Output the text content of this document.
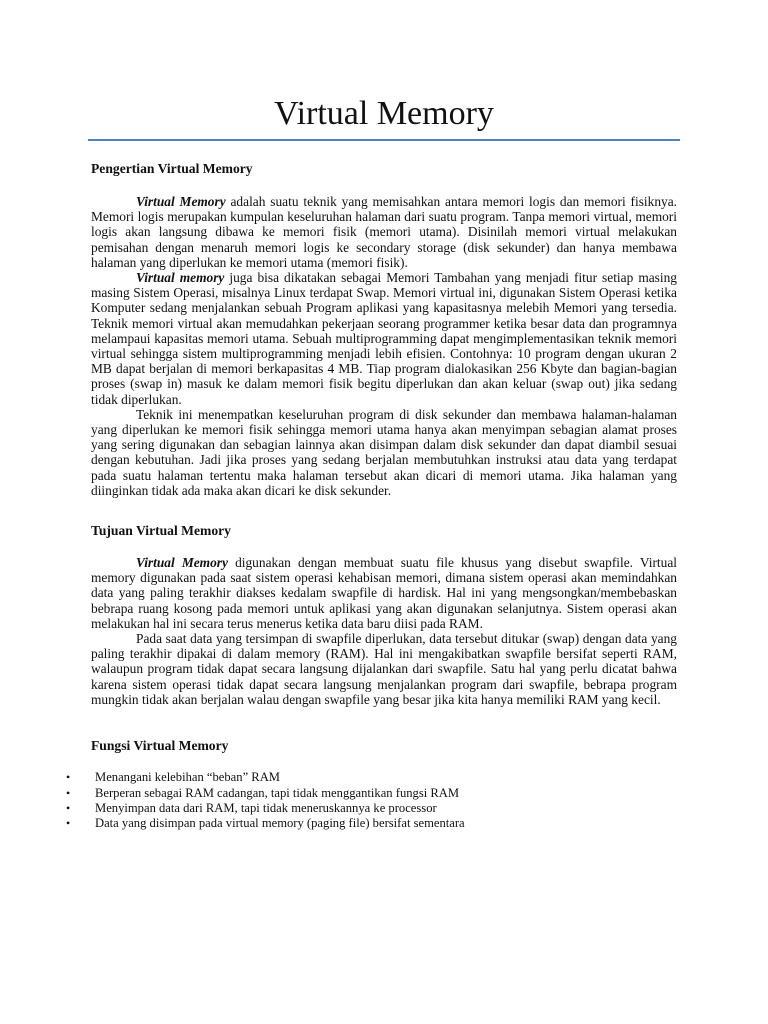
Virtual Memory
Pengertian Virtual Memory

Virtual Memory adalah suatu teknik yang memisahkan antara memori logis dan memori fisiknya. Memori logis merupakan kumpulan keseluruhan halaman dari suatu program. Tanpa memori virtual, memori logis akan langsung dibawa ke memori fisik (memori utama). Disinilah memori virtual melakukan pemisahan dengan menaruh memori logis ke secondary storage (disk sekunder) dan hanya membawa halaman yang diperlukan ke memori utama (memori fisik).

Virtual memory juga bisa dikatakan sebagai Memori Tambahan yang menjadi fitur setiap masing masing Sistem Operasi, misalnya Linux terdapat Swap. Memori virtual ini, digunakan Sistem Operasi ketika Komputer sedang menjalankan sebuah Program aplikasi yang kapasitasnya melebih Memori yang tersedia. Teknik memori virtual akan memudahkan pekerjaan seorang programmer ketika besar data dan programnya melampaui kapasitas memori utama. Sebuah multiprogramming dapat mengimplementasikan teknik memori virtual sehingga sistem multiprogramming menjadi lebih efisien. Contohnya: 10 program dengan ukuran 2 MB dapat berjalan di memori berkapasitas 4 MB. Tiap program dialokasikan 256 Kbyte dan bagian-bagian proses (swap in) masuk ke dalam memori fisik begitu diperlukan dan akan keluar (swap out) jika sedang tidak diperlukan.

Teknik ini menempatkan keseluruhan program di disk sekunder dan membawa halaman-halaman yang diperlukan ke memori fisik sehingga memori utama hanya akan menyimpan sebagian alamat proses yang sering digunakan dan sebagian lainnya akan disimpan dalam disk sekunder dan dapat diambil sesuai dengan kebutuhan. Jadi jika proses yang sedang berjalan membutuhkan instruksi atau data yang terdapat pada suatu halaman tertentu maka halaman tersebut akan dicari di memori utama. Jika halaman yang diinginkan tidak ada maka akan dicari ke disk sekunder.

Tujuan Virtual Memory

Virtual Memory digunakan dengan membuat suatu file khusus yang disebut swapfile. Virtual memory digunakan pada saat sistem operasi kehabisan memori, dimana sistem operasi akan memindahkan data yang paling terakhir diakses kedalam swapfile di hardisk. Hal ini yang mengsongkan/membebaskan bebrapa ruang kosong pada memori untuk aplikasi yang akan digunakan selanjutnya. Sistem operasi akan melakukan hal ini secara terus menerus ketika data baru diisi pada RAM.

Pada saat data yang tersimpan di swapfile diperlukan, data tersebut ditukar (swap) dengan data yang paling terakhir dipakai di dalam memory (RAM). Hal ini mengakibatkan swapfile bersifat seperti RAM, walaupun program tidak dapat secara langsung dijalankan dari swapfile. Satu hal yang perlu dicatat bahwa karena sistem operasi tidak dapat secara langsung menjalankan program dari swapfile, bebrapa program mungkin tidak akan berjalan walau dengan swapfile yang besar jika kita hanya memiliki RAM yang kecil.

Fungsi Virtual Memory
• Menangani kelebihan “beban” RAM
• Berperan sebagai RAM cadangan, tapi tidak menggantikan fungsi RAM
• Menyimpan data dari RAM, tapi tidak meneruskannya ke processor
• Data yang disimpan pada virtual memory (paging file) bersifat sementara
